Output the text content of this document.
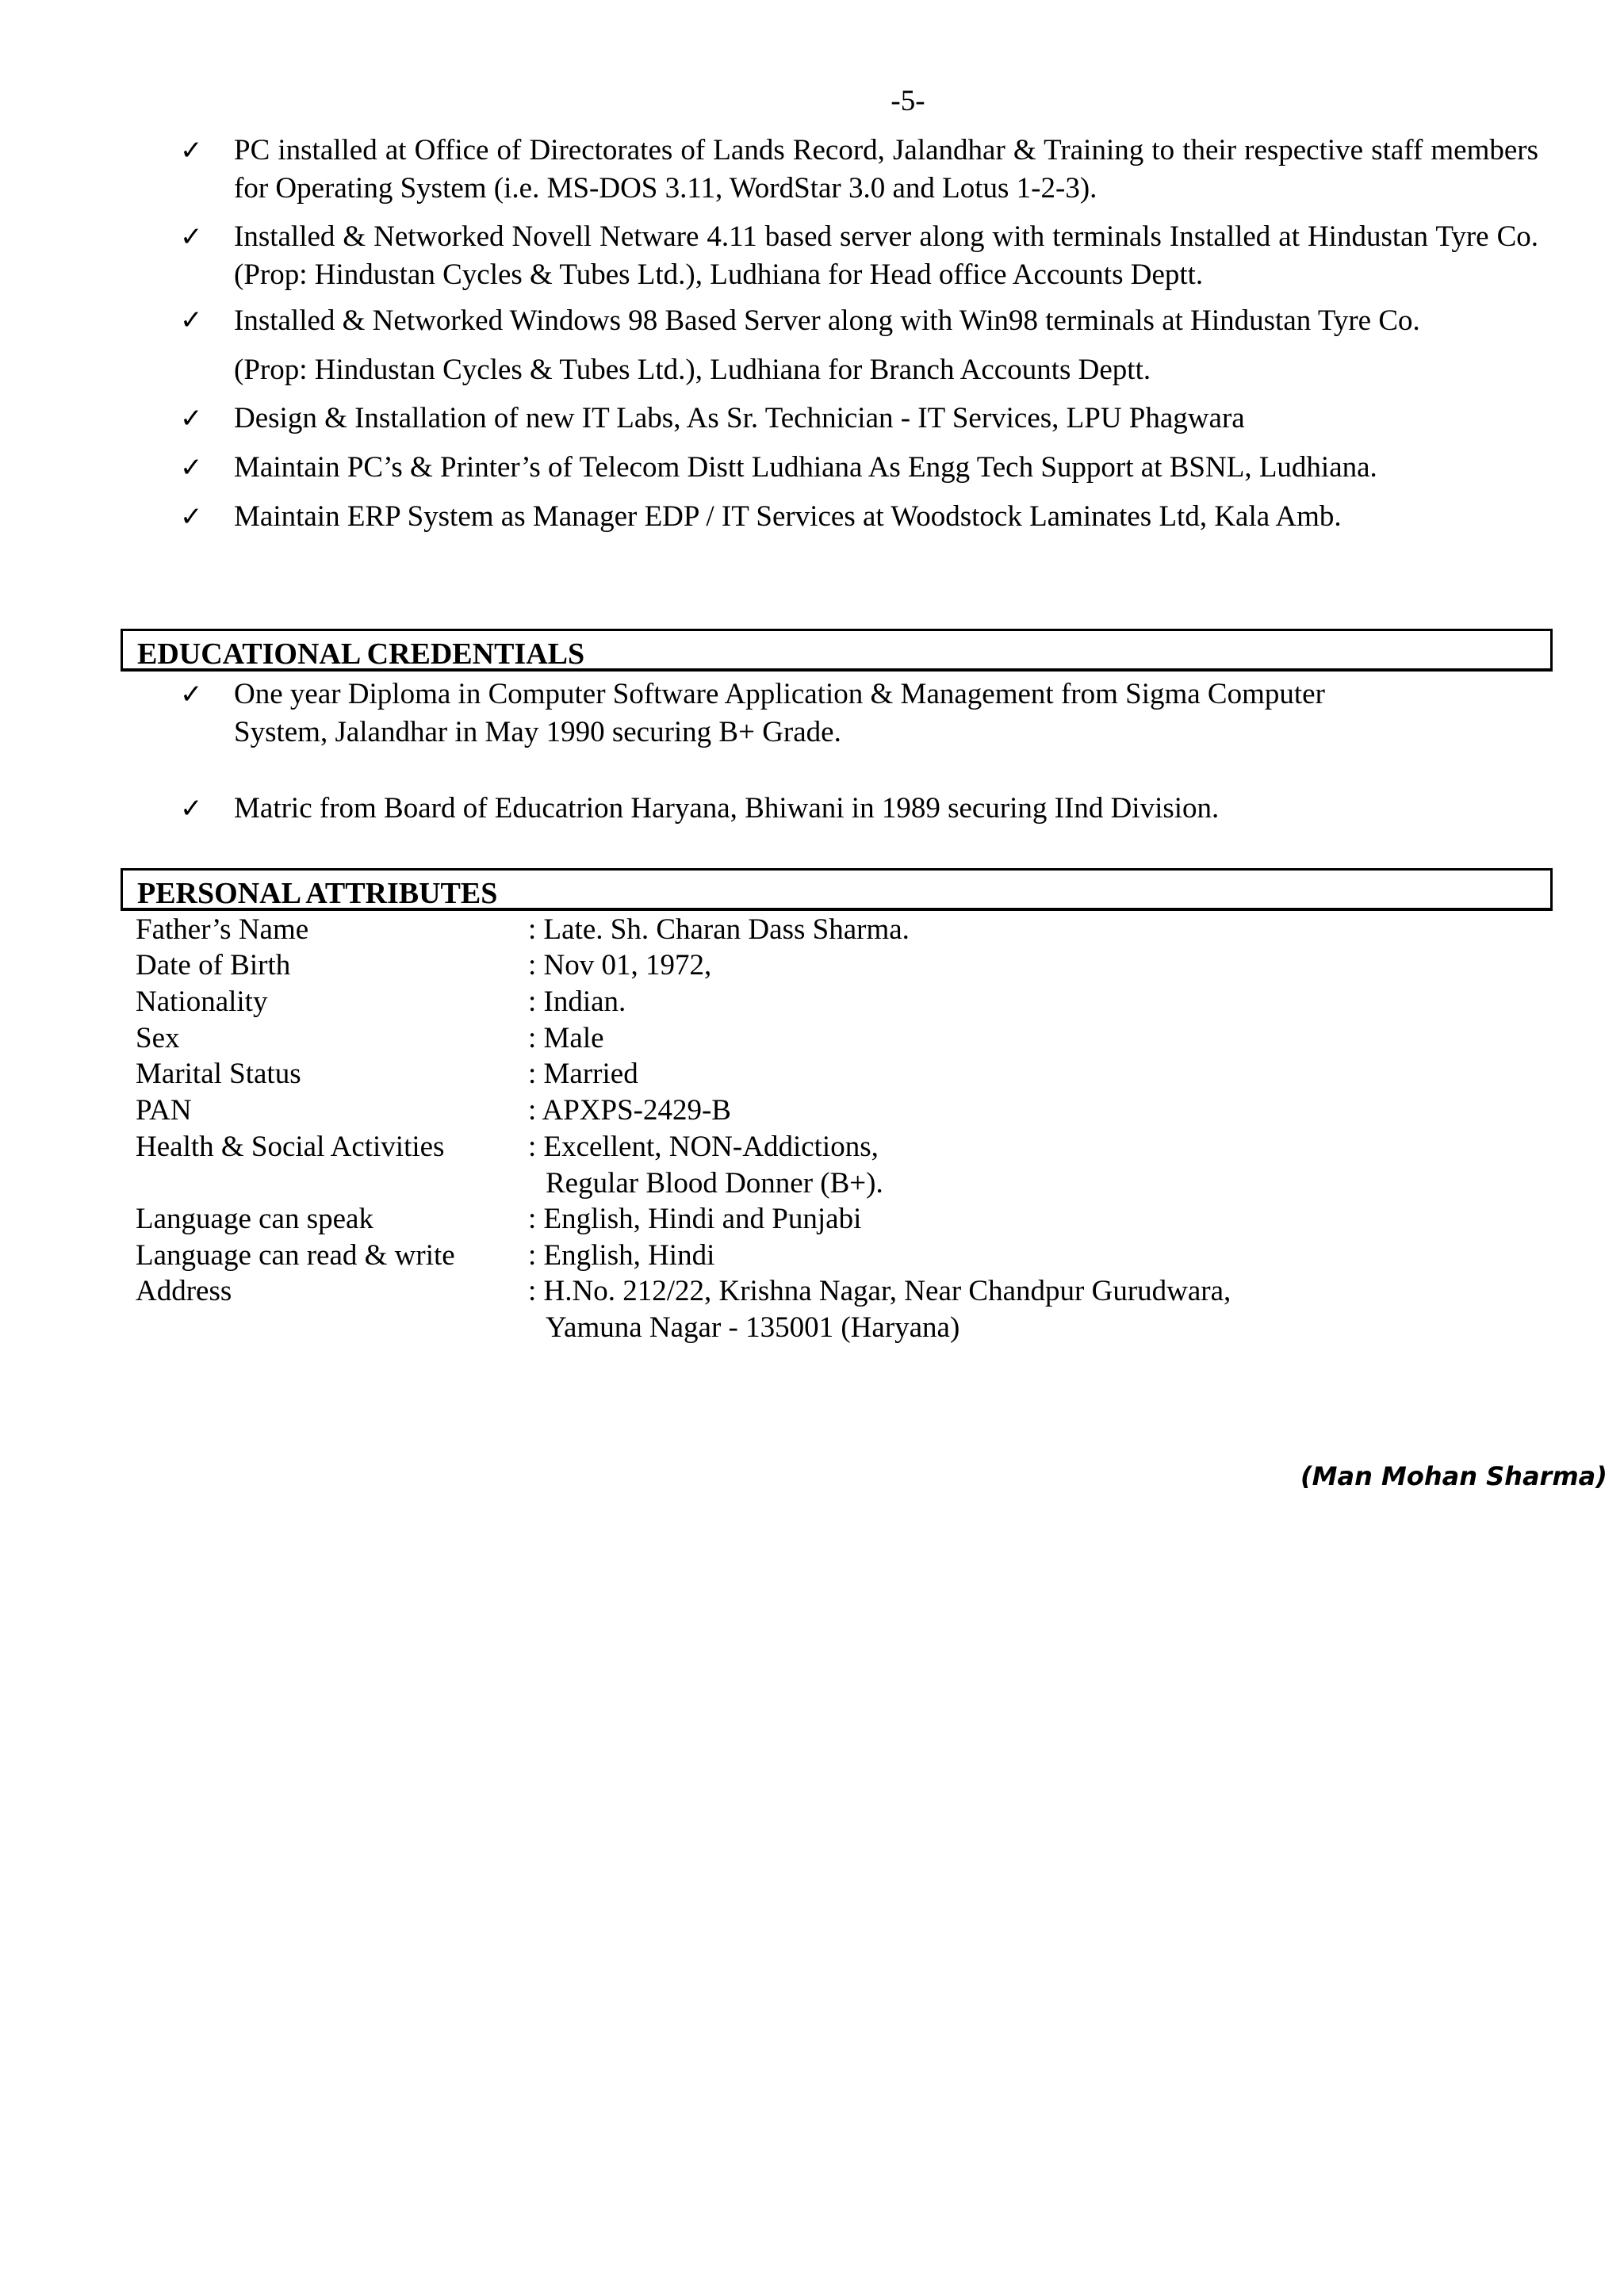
-5-
✓ PC installed at Office of Directorates of Lands Record, Jalandhar & Training to their respective staff members for Operating System (i.e. MS-DOS 3.11, WordStar 3.0 and Lotus 1-2-3).
✓ Installed & Networked Novell Netware 4.11 based server along with terminals Installed at Hindustan Tyre Co. (Prop: Hindustan Cycles & Tubes Ltd.), Ludhiana for Head office Accounts Deptt.
✓ Installed & Networked Windows 98 Based Server along with Win98 terminals at Hindustan Tyre Co.
(Prop: Hindustan Cycles & Tubes Ltd.), Ludhiana for Branch Accounts Deptt.
✓ Design & Installation of new IT Labs, As Sr. Technician - IT Services, LPU Phagwara
✓ Maintain PC’s & Printer’s of Telecom Distt Ludhiana As Engg Tech Support at BSNL, Ludhiana.
✓ Maintain ERP System as Manager EDP / IT Services at Woodstock Laminates Ltd, Kala Amb.
EDUCATIONAL CREDENTIALS
✓ One year Diploma in Computer Software Application & Management from Sigma Computer
System, Jalandhar in May 1990 securing B+ Grade.
✓ Matric from Board of Educatrion Haryana, Bhiwani in 1989 securing IInd Division.
PERSONAL ATTRIBUTES
Father’s Name	: Late. Sh. Charan Dass Sharma.
Date of Birth	: Nov 01, 1972,
Nationality	: Indian.
Sex	: Male
Marital Status	: Married
PAN	: APXPS-2429-B
Health & Social Activities	: Excellent, NON-Addictions,
Regular Blood Donner (B+).
Language can speak	: English, Hindi and Punjabi
Language can read & write : English, Hindi
Address	: H.No. 212/22, Krishna Nagar, Near Chandpur Gurudwara,
Yamuna Nagar - 135001 (Haryana)
(Man Mohan Sharma)
